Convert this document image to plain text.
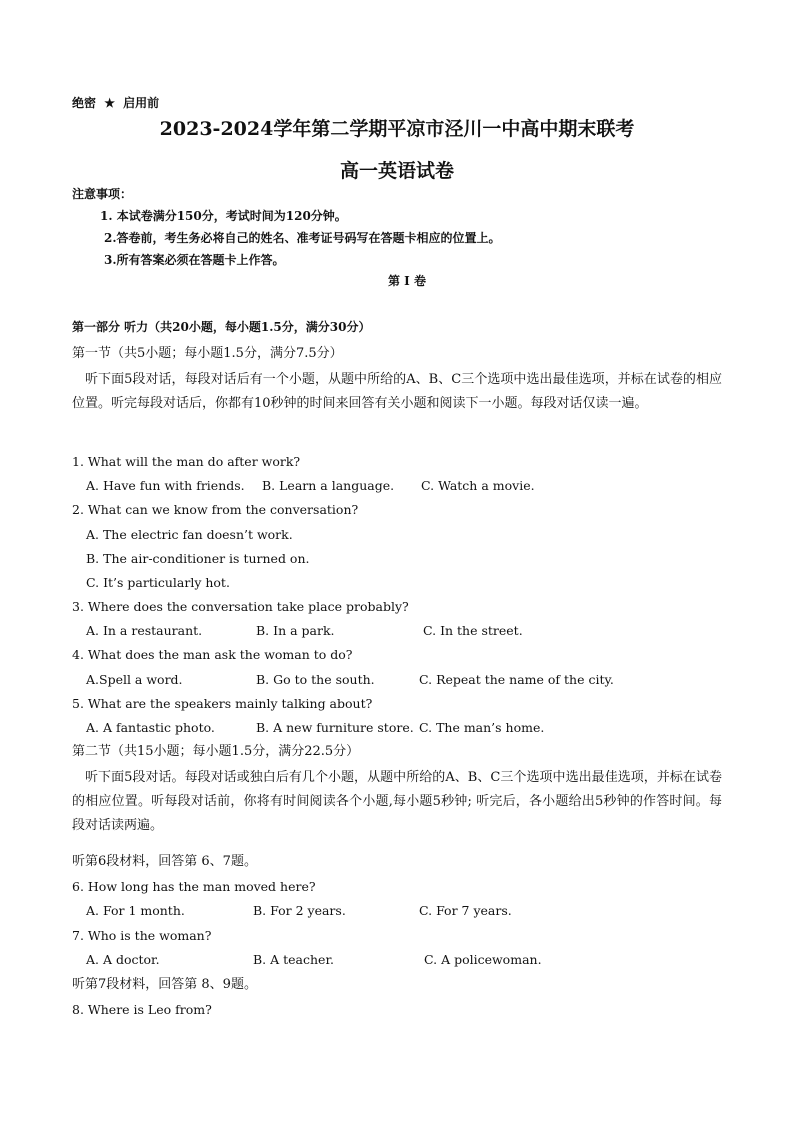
绝密 ★ 启用前
2023-2024学年第二学期平凉市泾川一中高中期末联考
高一英语试卷
注意事项：
1. 本试卷满分150分，考试时间为120分钟。
2.答卷前，考生务必将自己的姓名、准考证号码写在答题卡相应的位置上。
3.所有答案必须在答题卡上作答。
第 I 卷
第一部分 听力（共20小题，每小题1.5分，满分30分）
第一节（共5小题；每小题1.5分，满分7.5分）
听下面5段对话，每段对话后有一个小题，从题中所给的A、B、C三个选项中选出最佳选项，并标在试卷的相应位置。听完每段对话后，你都有10秒钟的时间来回答有关小题和阅读下一小题。每段对话仅读一遍。
1. What will the man do after work?
A. Have fun with friends. B. Learn a language. C. Watch a movie.
2. What can we know from the conversation?
A. The electric fan doesn’t work.
B. The air-conditioner is turned on.
C. It’s particularly hot.
3. Where does the conversation take place probably?
A. In a restaurant.	B. In a park.	C. In the street.
4. What does the man ask the woman to do?
A.Spell a word.	B. Go to the south.	C. Repeat the name of the city.
5. What are the speakers mainly talking about?
A. A fantastic photo.	B. A new furniture store. C. The man’s home.
第二节（共15小题；每小题1.5分，满分22.5分）
听下面5段对话。每段对话或独白后有几个小题，从题中所给的A、B、C三个选项中选出最佳选项，并标在试卷的相应位置。听每段对话前，你将有时间阅读各个小题,每小题5秒钟; 听完后，各小题给出5秒钟的作答时间。每段对话读两遍。
听第6段材料，回答第 6、7题。
6. How long has the man moved here?
A. For 1 month.	B. For 2 years.	C. For 7 years.
7. Who is the woman?
A. A doctor.	B. A teacher.	C. A policewoman.
听第7段材料，回答第 8、9题。
8. Where is Leo from?
